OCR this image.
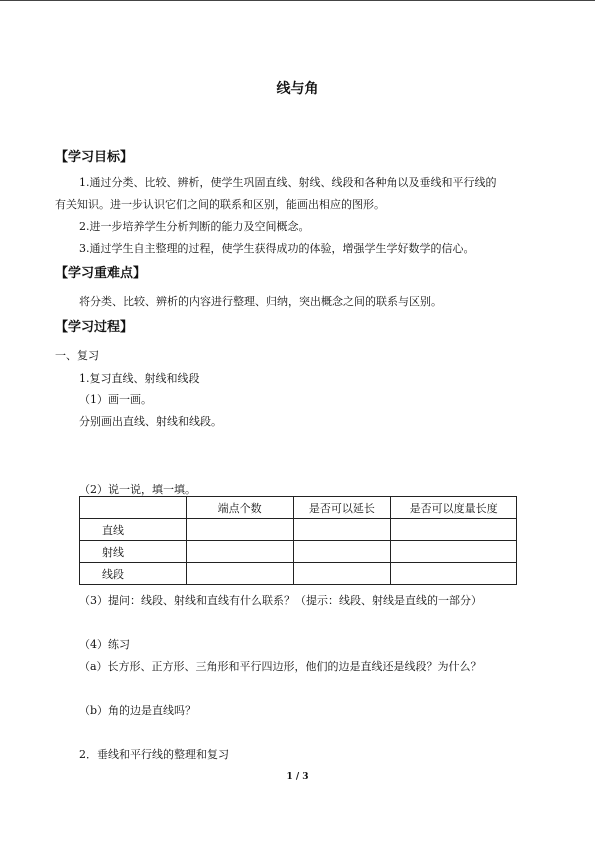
线与角
【学习目标】
1.通过分类、比较、辨析，使学生巩固直线、射线、线段和各种角以及垂线和平行线的
有关知识。进一步认识它们之间的联系和区别，能画出相应的图形。
2.进一步培养学生分析判断的能力及空间概念。
3.通过学生自主整理的过程，使学生获得成功的体验，增强学生学好数学的信心。
【学习重难点】
将分类、比较、辨析的内容进行整理、归纳，突出概念之间的联系与区别。
【学习过程】
一、复习
1.复习直线、射线和线段
（1）画一画。
分别画出直线、射线和线段。
（2）说一说，填一填。
	端点个数	是否可以延长	是否可以度量长度
直线			
射线			
线段			
（3）提问：线段、射线和直线有什么联系？（提示：线段、射线是直线的一部分）
（4）练习
（a）长方形、正方形、三角形和平行四边形，他们的边是直线还是线段？为什么？
（b）角的边是直线吗？
2．垂线和平行线的整理和复习
1 / 3
